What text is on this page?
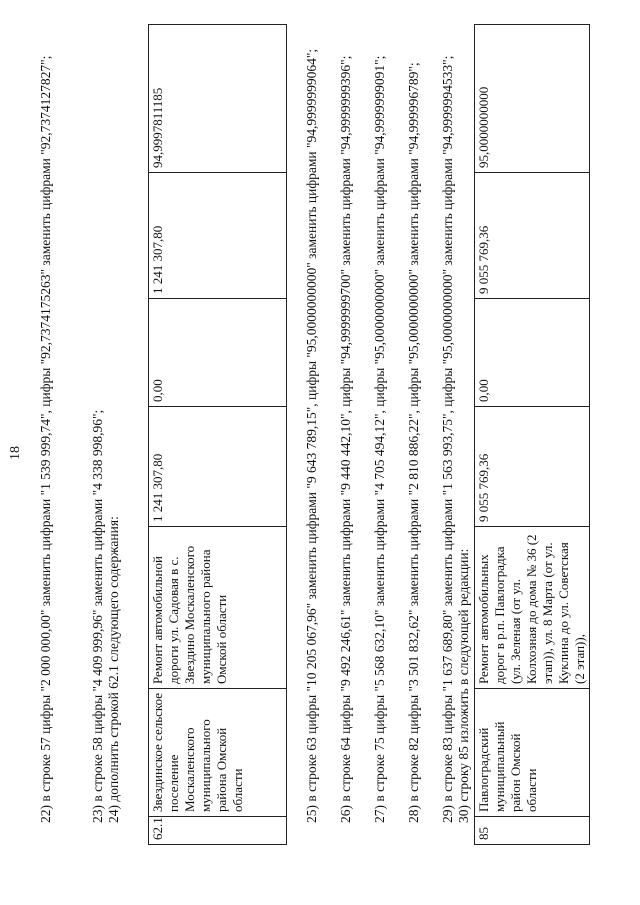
18 22) в строке 57 цифры "2 000 000,00" заменить цифрами "1 539 999,74", цифры "92,7374175263" заменить цифрами "92,7374127827";	23) в строке 58 цифры "4 409 999,96" заменить цифрами "4 338 998,96"; 24) дополнить строкой 62.1 следующего содержания:

62.1	Звездинское сельское поселение Москаленского муниципального района Омской области	Ремонт автомобильной дороги ул. Садовая в с. Звездино Москаленского муниципального района Омской области	1 241 307,80	0,00	1 241 307,80	94,9997811185	25) в строке 63 цифры "10 205 067,96" заменить цифрами "9 643 789,15", цифры "95,0000000000" заменить цифрами "94,9999999064"; 26) в строке 64 цифры "9 492 246,61" заменить цифрами "9 440 442,10", цифры "94,9999999700" заменить цифрами "94,9999999396"; 27) в строке 75 цифры "5 568 632,10" заменить цифрами "4 705 494,12", цифры "95,0000000000" заменить цифрами "94,9999999091"; 28) в строке 82 цифры "3 501 832,62" заменить цифрами "2 810 886,22", цифры "95,0000000000" заменить цифрами "94,999996789"; 29) в строке 83 цифры "1 637 689,80" заменить цифрами "1 563 993,75", цифры "95,0000000000" заменить цифрами "94,9999994533"; 30) строку 85 изложить в следующей редакции:

85	Павлоградский муниципальный район Омской области	Ремонт автомобильных дорог в р.п. Павлоградка (ул. Зеленая (от ул. Колхозная до дома № 36 (2 этап)), ул. 8 Марта (от ул. Куклина до ул. Советская (2 этап)),	9 055 769,36	0,00	9 055 769,36	95,0000000000
